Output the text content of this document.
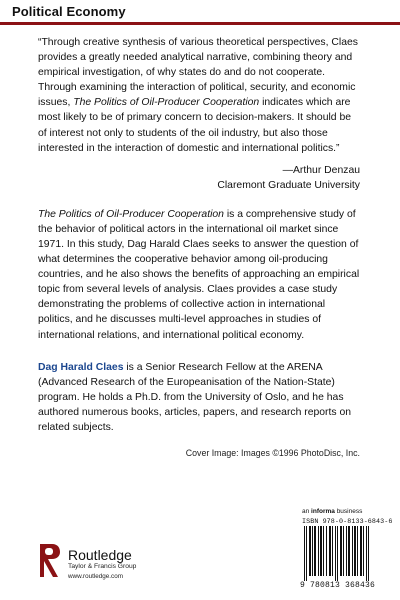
Political Economy
“Through creative synthesis of various theoretical perspectives, Claes provides a greatly needed analytical narrative, combining theory and empirical investigation, of why states do and do not cooperate. Through examining the interaction of political, security, and economic issues, The Politics of Oil-Producer Cooperation indicates which are most likely to be of primary concern to decision-makers. It should be of interest not only to students of the oil industry, but also those interested in the interaction of domestic and international politics.”
—Arthur Denzau
Claremont Graduate University
The Politics of Oil-Producer Cooperation is a comprehensive study of the behavior of political actors in the international oil market since 1971. In this study, Dag Harald Claes seeks to answer the question of what determines the cooperative behavior among oil-producing countries, and he also shows the benefits of approaching an empirical topic from several levels of analysis. Claes provides a case study demonstrating the problems of collective action in international politics, and he discusses multi-level approaches in studies of international relations, and international political economy.
Dag Harald Claes is a Senior Research Fellow at the ARENA (Advanced Research of the Europeanisation of the Nation-State) program. He holds a Ph.D. from the University of Oslo, and he has authored numerous books, articles, papers, and research reports on related subjects.
Cover Image: Images ©1996 PhotoDisc, Inc.
an informa business
ISBN 978-0-8133-6843-6
9 780813 368436
Routledge
Taylor & Francis Group
www.routledge.com
